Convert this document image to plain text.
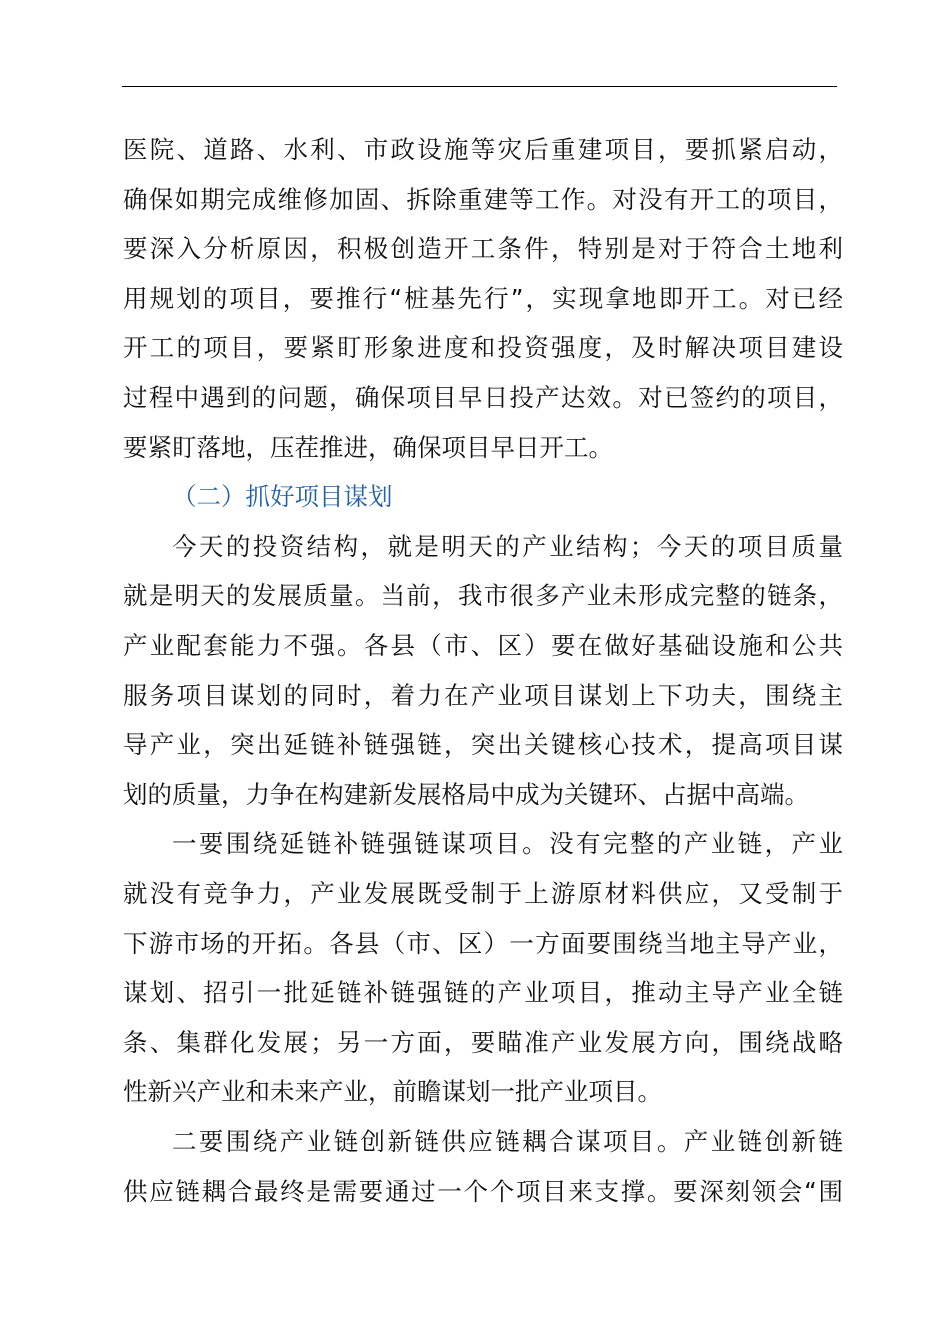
医院、道路、水利、市政设施等灾后重建项目，要抓紧启动，
确保如期完成维修加固、拆除重建等工作。对没有开工的项目，
要深入分析原因，积极创造开工条件，特别是对于符合土地利
用规划的项目，要推行“桩基先行”，实现拿地即开工。对已经
开工的项目，要紧盯形象进度和投资强度，及时解决项目建设
过程中遇到的问题，确保项目早日投产达效。对已签约的项目，
要紧盯落地，压茬推进，确保项目早日开工。
（二）抓好项目谋划
今天的投资结构，就是明天的产业结构；今天的项目质量
就是明天的发展质量。当前，我市很多产业未形成完整的链条，
产业配套能力不强。各县（市、区）要在做好基础设施和公共
服务项目谋划的同时，着力在产业项目谋划上下功夫，围绕主
导产业，突出延链补链强链，突出关键核心技术，提高项目谋
划的质量，力争在构建新发展格局中成为关键环、占据中高端。
一要围绕延链补链强链谋项目。没有完整的产业链，产业
就没有竞争力，产业发展既受制于上游原材料供应，又受制于
下游市场的开拓。各县（市、区）一方面要围绕当地主导产业，
谋划、招引一批延链补链强链的产业项目，推动主导产业全链
条、集群化发展；另一方面，要瞄准产业发展方向，围绕战略
性新兴产业和未来产业，前瞻谋划一批产业项目。
二要围绕产业链创新链供应链耦合谋项目。产业链创新链
供应链耦合最终是需要通过一个个项目来支撑。要深刻领会“围
